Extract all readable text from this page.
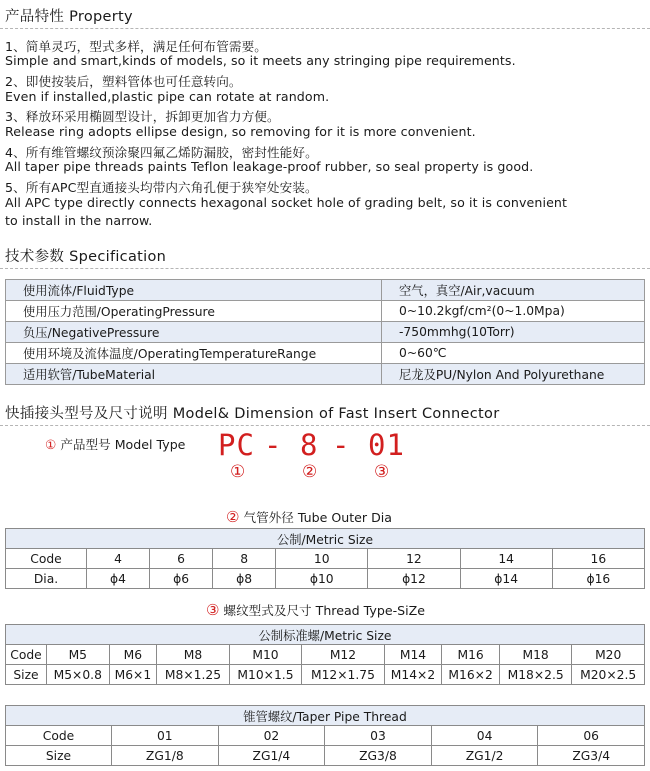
产品特性 Property
1、简单灵巧，型式多样，满足任何布管需要。
Simple and smart,kinds of models, so it meets any stringing pipe requirements.
2、即使按装后，塑料管体也可任意转向。
Even if installed,plastic pipe can rotate at random.
3、释放环采用椭圆型设计，拆卸更加省力方便。
Release ring adopts ellipse design, so removing for it is more convenient.
4、所有维管螺纹预涂聚四氟乙烯防漏胶，密封性能好。
All taper pipe threads paints Teflon leakage-proof rubber, so seal property is good.
5、所有APC型直通接头均带内六角孔便于狭窄处安装。
All APC type directly connects hexagonal socket hole of grading belt, so it is convenient
to install in the narrow.
技术参数 Specification
使用流体/FluidType	空气，真空/Air,vacuum
使用压力范围/OperatingPressure	0~10.2kgf/cm²(0~1.0Mpa)
负压/NegativePressure	-750mmhg(10Torr)
使用环境及流体温度/OperatingTemperatureRange	0~60℃
适用软管/TubeMaterial	尼龙及PU/Nylon And Polyurethane
快插接头型号及尺寸说明 Model& Dimension of Fast Insert Connector
① 产品型号 Model Type PC - 8 - 01
①	②	③
② 气管外径 Tube Outer Dia
公制/Metric Size							
Code	4	6	8	10	12	14	16
Dia.	ϕ4	ϕ6	ϕ8	ϕ10	ϕ12	ϕ14	ϕ16
③ 螺纹型式及尺寸 Thread Type-SiZe
公制标准螺/Metric Size									
Code	M5	M6	M8	M10	M12	M14	M16	M18	M20
Size	M5×0.8	M6×1	M8×1.25	M10×1.5	M12×1.75	M14×2	M16×2	M18×2.5	M20×2.5
锥管螺纹/Taper Pipe Thread					
Code	01	02	03	04	06
Size	ZG1/8	ZG1/4	ZG3/8	ZG1/2	ZG3/4
